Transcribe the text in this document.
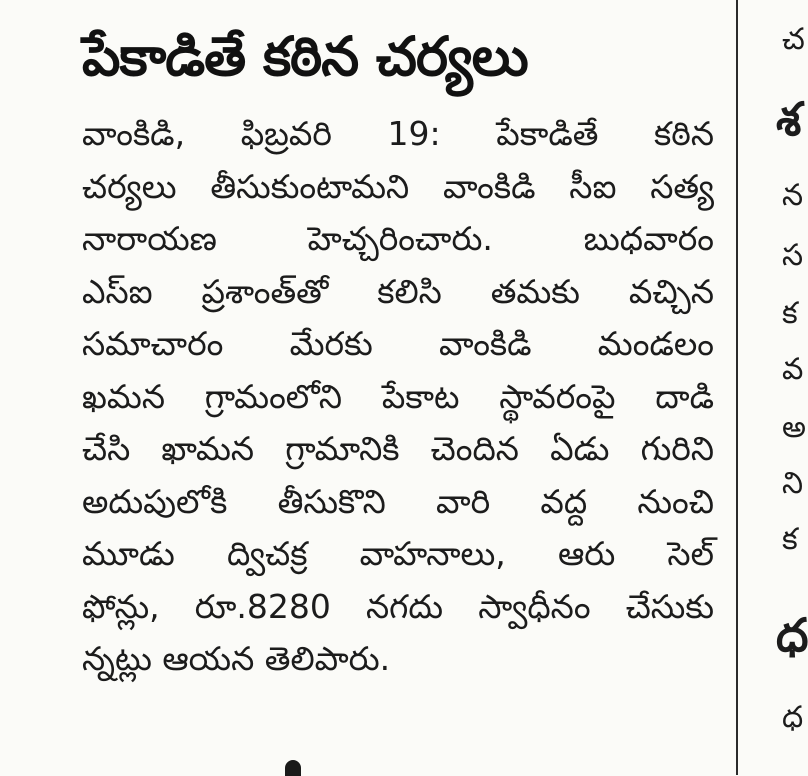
పేకాడితే కఠిన చర్యలు
వాంకిడి, ఫిబ్రవరి 19: పేకాడితే కఠిన
చర్యలు తీసుకుంటామని వాంకిడి సీఐ సత్య
నారాయణ హెచ్చరించారు. బుధవారం
ఎస్ఐ ప్రశాంత్‌తో కలిసి తమకు వచ్చిన
సమాచారం మేరకు వాంకిడి మండలం
ఖమన గ్రామంలోని పేకాట స్థావరంపై దాడి
చేసి ఖామన గ్రామానికి చెందిన ఏడు గురిని
అదుపులోకి తీసుకొని వారి వద్ద నుంచి
మూడు ద్విచక్ర వాహనాలు, ఆరు సెల్
ఫోన్లు, రూ.8280 నగదు స్వాధీనం చేసుకు
న్నట్లు ఆయన తెలిపారు.
చ
శ
న
స
క
వ
అ
ని
క
ధ
ధ
